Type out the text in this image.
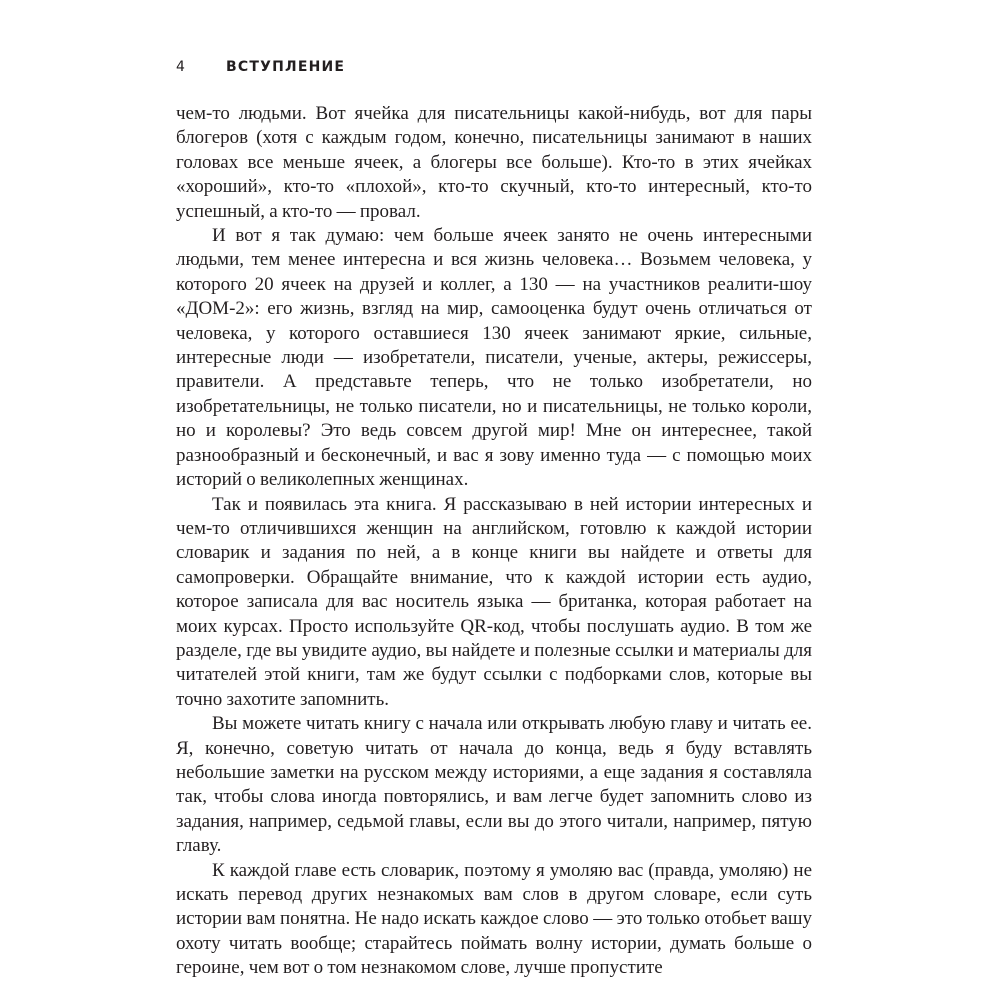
4	ВСТУПЛЕНИЕ

чем-то людьми. Вот ячейка для писательницы какой-нибудь, вот для пары блогеров (хотя с каждым годом, конечно, писательницы занимают в наших головах все меньше ячеек, а блогеры все больше). Кто-то в этих ячейках «хороший», кто-то «плохой», кто-то скучный, кто-то интересный, кто-то успешный, а кто-то — провал.

И вот я так думаю: чем больше ячеек занято не очень интересными людьми, тем менее интересна и вся жизнь человека… Возьмем человека, у которого 20 ячеек на друзей и коллег, а 130 — на участников реалити-шоу «ДОМ-2»: его жизнь, взгляд на мир, самооценка будут очень отличаться от человека, у которого оставшиеся 130 ячеек занимают яркие, сильные, интересные люди — изобретатели, писатели, ученые, актеры, режиссеры, правители. А представьте теперь, что не только изобретатели, но изобретательницы, не только писатели, но и писательницы, не только короли, но и королевы? Это ведь совсем другой мир! Мне он интереснее, такой разнообразный и бесконечный, и вас я зову именно туда — с помощью моих историй о великолепных женщинах.

Так и появилась эта книга. Я рассказываю в ней истории интересных и чем-то отличившихся женщин на английском, готовлю к каждой истории словарик и задания по ней, а в конце книги вы найдете и ответы для самопроверки. Обращайте внимание, что к каждой истории есть аудио, которое записала для вас носитель языка — британка, которая работает на моих курсах. Просто используйте QR-код, чтобы послушать аудио. В том же разделе, где вы увидите аудио, вы найдете и полезные ссылки и материалы для читателей этой книги, там же будут ссылки с подборками слов, которые вы точно захотите запомнить.

Вы можете читать книгу с начала или открывать любую главу и читать ее. Я, конечно, советую читать от начала до конца, ведь я буду вставлять небольшие заметки на русском между историями, а еще задания я составляла так, чтобы слова иногда повторялись, и вам легче будет запомнить слово из задания, например, седьмой главы, если вы до этого читали, например, пятую главу.

К каждой главе есть словарик, поэтому я умоляю вас (правда, умоляю) не искать перевод других незнакомых вам слов в другом словаре, если суть истории вам понятна. Не надо искать каждое слово — это только отобьет вашу охоту читать вообще; старайтесь поймать волну истории, думать больше о героине, чем вот о том незнакомом слове, лучше пропустите
